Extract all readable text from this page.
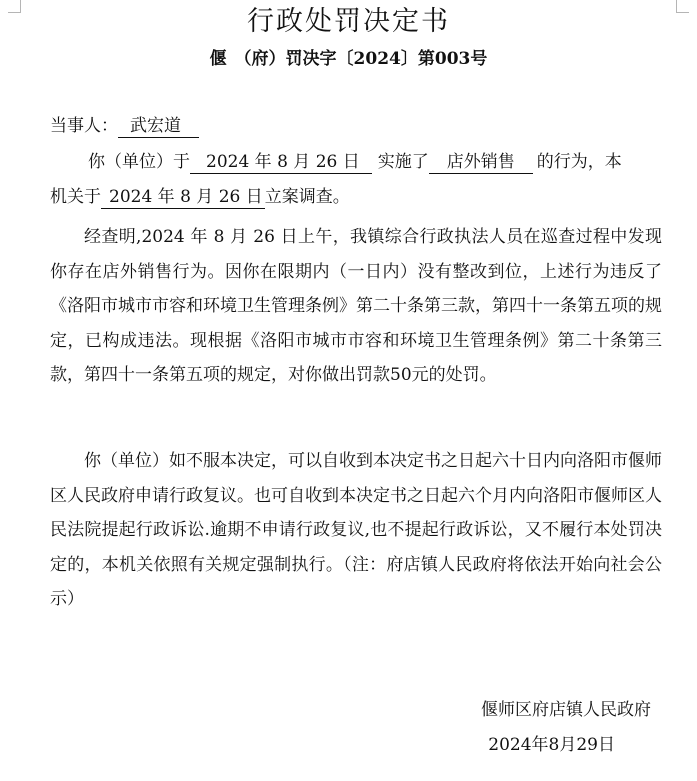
行政处罚决定书
偃 （府）罚决字〔2024〕第003号
当事人： 武宏道
你（单位）于 2024 年 8 月 26 日 实施了 店外销售 的行为，本
机关于 2024 年 8 月 26 日 立案调查。
经查明,2024 年 8 月 26 日上午，我镇综合行政执法人员在巡查过程中发现你存在店外销售行为。因你在限期内（一日内）没有整改到位，上述行为违反了《洛阳市城市市容和环境卫生管理条例》第二十条第三款，第四十一条第五项的规定，已构成违法。现根据《洛阳市城市市容和环境卫生管理条例》第二十条第三款，第四十一条第五项的规定，对你做出罚款50元的处罚。
你（单位）如不服本决定，可以自收到本决定书之日起六十日内向洛阳市偃师区人民政府申请行政复议。也可自收到本决定书之日起六个月内向洛阳市偃师区人民法院提起行政诉讼.逾期不申请行政复议,也不提起行政诉讼，又不履行本处罚决定的，本机关依照有关规定强制执行。（注：府店镇人民政府将依法开始向社会公示）
偃师区府店镇人民政府
2024年8月29日
